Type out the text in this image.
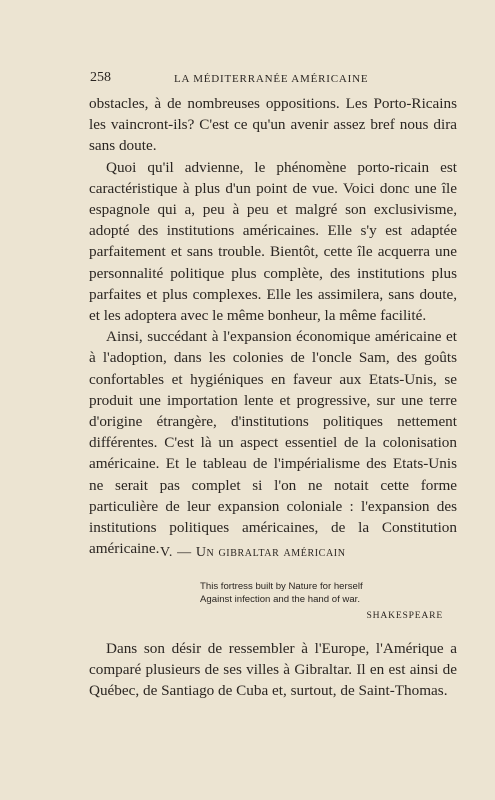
258	LA MÉDITERRANÉE AMÉRICAINE

obstacles, à de nombreuses oppositions. Les Porto-Ricains les vaincront-ils? C'est ce qu'un avenir assez bref nous dira sans doute.

Quoi qu'il advienne, le phénomène porto-ricain est caractéristique à plus d'un point de vue. Voici donc une île espagnole qui a, peu à peu et malgré son exclusivisme, adopté des institutions américaines. Elle s'y est adaptée parfaitement et sans trouble. Bientôt, cette île acquerra une personnalité politique plus complète, des institutions plus parfaites et plus complexes. Elle les assimilera, sans doute, et les adoptera avec le même bonheur, la même facilité.

Ainsi, succédant à l'expansion économique américaine et à l'adoption, dans les colonies de l'oncle Sam, des goûts confortables et hygiéniques en faveur aux Etats-Unis, se produit une importation lente et progressive, sur une terre d'origine étrangère, d'institutions politiques nettement différentes. C'est là un aspect essentiel de la colonisation américaine. Et le tableau de l'impérialisme des Etats-Unis ne serait pas complet si l'on ne notait cette forme particulière de leur expansion coloniale : l'expansion des institutions politiques américaines, de la Constitution américaine. V. — Un gibraltar américain
This fortress built by Nature for herself
Against infection and the hand of war.
SHAKESPEARE

Dans son désir de ressembler à l'Europe, l'Amérique a comparé plusieurs de ses villes à Gibraltar. Il en est ainsi de Québec, de Santiago de Cuba et, surtout, de Saint-Thomas.
